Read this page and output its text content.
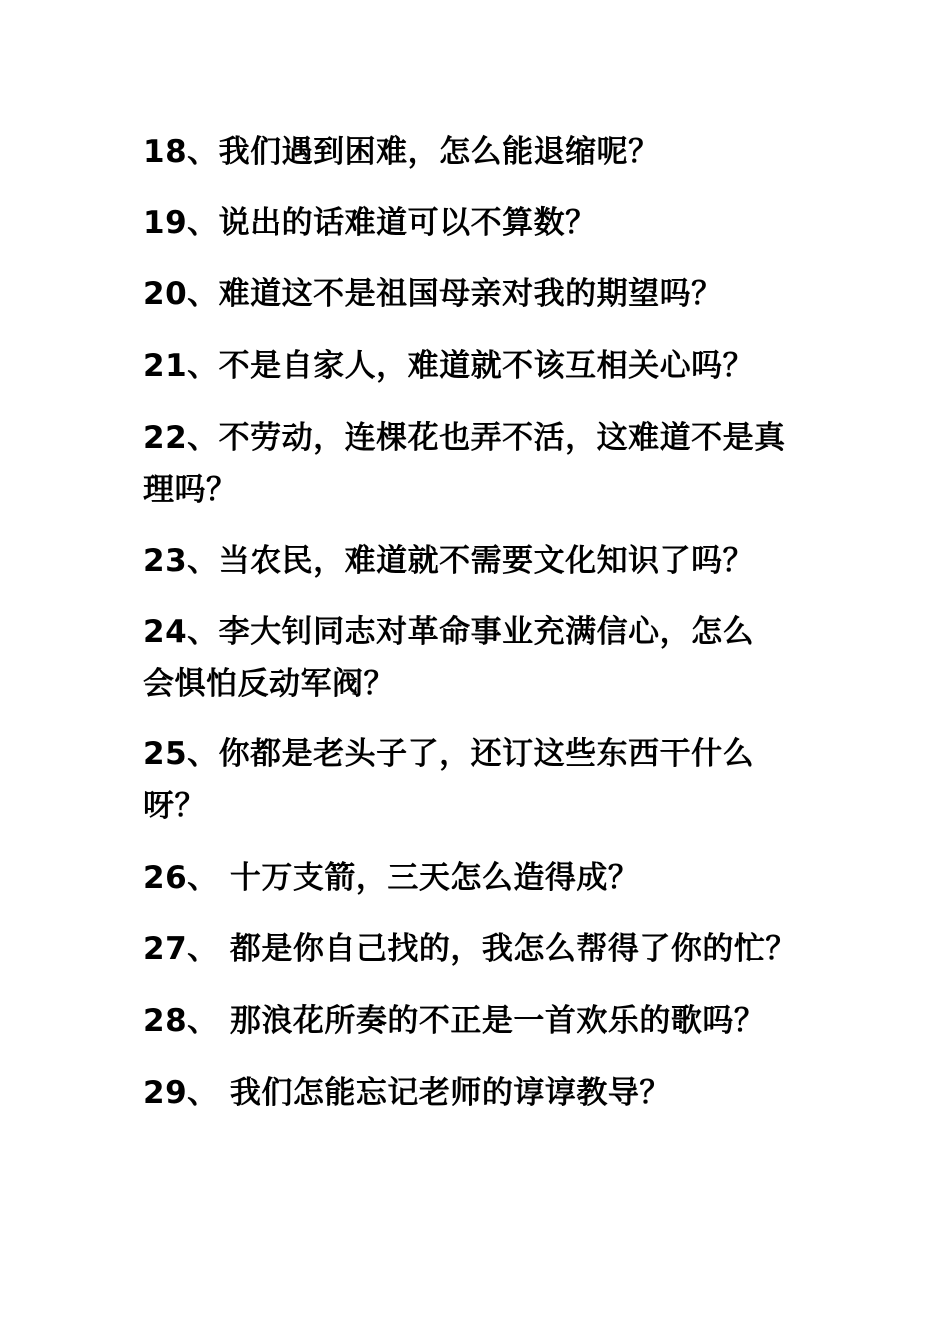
18、我们遇到困难，怎么能退缩呢？
19、说出的话难道可以不算数？
20、难道这不是祖国母亲对我的期望吗？
21、不是自家人，难道就不该互相关心吗？
22、不劳动，连棵花也弄不活，这难道不是真
理吗？
23、当农民，难道就不需要文化知识了吗？
24、李大钊同志对革命事业充满信心，怎么
会惧怕反动军阀？
25、你都是老头子了，还订这些东西干什么
呀？
26、 十万支箭，三天怎么造得成？
27、 都是你自己找的，我怎么帮得了你的忙？
28、 那浪花所奏的不正是一首欢乐的歌吗？
29、 我们怎能忘记老师的谆谆教导？
